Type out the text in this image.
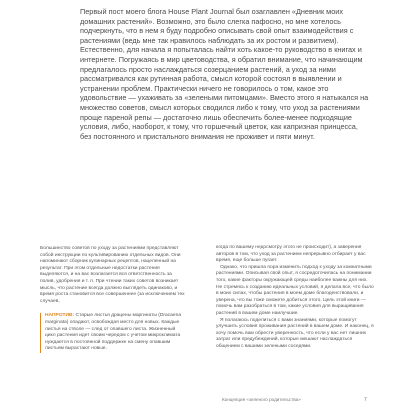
Первый пост моего блога House Plant Journal был озаглавлен «Дневник моих домашних растений». Возможно, это было слегка пафосно, но мне хотелось подчеркнуть, что в нем я буду подробно описывать свой опыт взаимодействия с растениями (ведь мне так нравилось наблюдать за их ростом и развитием). Естественно, для начала я попыталась найти хоть какое-то руководство в книгах и интернете. Погружаясь в мир цветоводства, я обратил внимание, что начинающим предлагалось просто наслаждаться созерцанием растений, а уход за ними рассматривался как рутинная работа, смысл которой состоял в выявлении и устранении проблем. Практически ничего не говорилось о том, какое это удовольствие — ухаживать за «зелеными питомцами». Вместо этого я натыкался на множество советов, смысл которых сводился либо к тому, что уход за растениями проще пареной репы — достаточно лишь обеспечить более-менее подходящие условия, либо, наоборот, к тому, что горшечный цветок, как капризная принцесса, без постоянного и пристального внимания не проживет и пяти минут.

Большинство советов по уходу за растениями представляют собой инструкции по культивированию отдельных видов. Они напоминают сборник кулинарных рецептов, нацеленный на результат. При этом отдельные недостатки растения выделяются, и на вас возлагается вся ответственность за полив, удобрения и т. п. При чтении таких советов возникает мысль, что растение всегда должно выглядеть одинаково, и время роста становится все совершеннее (за исключением тех случаев,

НАПРОТИВ: Старые листья драцены маргинаты (Dracaena marginata) опадают, освобождая место для новых. Каждые листья на стволе — след от опавшего листа. Жизненный цикл растения идет своим чередом с учетом микроклимата нуждается в постоянной поддержке на смену опавшим листьям вырастают новые.

когда по вашему недосмотру этого не происходит), а заверения авторов в том, что уход за растением непрерывно отбирает у вас время, еще больше пугает.

Однако, что пришла пора изменить подход к уходу за комнатными растениями. Описывая свой опыт, я сосредоточилась на понимании того, какие факторы окружающей среды наиболее важны для них. Не стремясь к созданию идеальных условий, я делала все, что было в моих силах, чтобы растения в моем доме благоденствовали, и уверена, что вы тоже сможете добиться этого. Цель этой книги — помочь вам разобраться в том, какие условия для выращивания растений в вашем доме наилучшие.

Я полагаюсь поделиться с вами знаниями, которые помогут улучшить условия проживания растений в вашем доме. И наконец, я хочу помочь вам обрести уверенность, что если у вас нет лишних затрат или предубеждений, которые мешают наслаждаться общением с вашими зелеными соседями.

Концепция «зеленого родительства»	7
